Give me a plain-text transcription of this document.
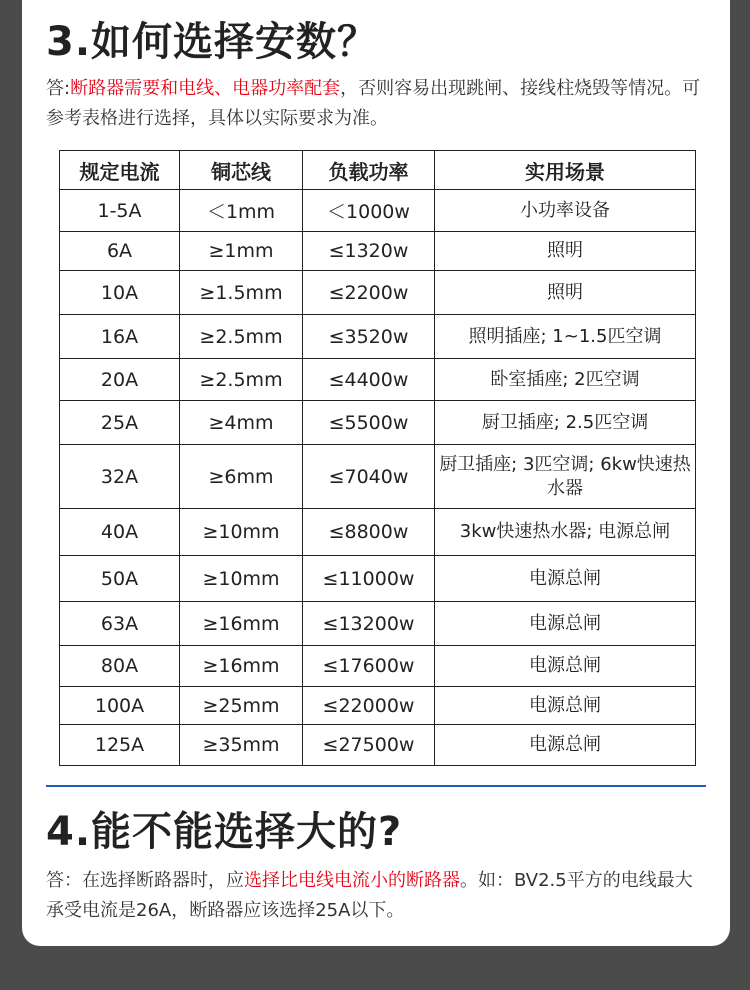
3.如何选择安数？
答:断路器需要和电线、电器功率配套，否则容易出现跳闸、接线柱烧毁等情况。可参考表格进行选择，具体以实际要求为准。
规定电流	铜芯线	负载功率	实用场景
1-5A	＜1mm	＜1000w	小功率设备
6A	≥1mm	≤1320w	照明
10A	≥1.5mm	≤2200w	照明
16A	≥2.5mm	≤3520w	照明插座; 1~1.5匹空调
20A	≥2.5mm	≤4400w	卧室插座; 2匹空调
25A	≥4mm	≤5500w	厨卫插座; 2.5匹空调
32A	≥6mm	≤7040w	厨卫插座; 3匹空调; 6kw快速热水器
40A	≥10mm	≤8800w	3kw快速热水器; 电源总闸
50A	≥10mm	≤11000w	电源总闸
63A	≥16mm	≤13200w	电源总闸
80A	≥16mm	≤17600w	电源总闸
100A	≥25mm	≤22000w	电源总闸
125A	≥35mm	≤27500w	电源总闸
4.能不能选择大的?
答：在选择断路器时，应选择比电线电流小的断路器。如：BV2.5平方的电线最大承受电流是26A，断路器应该选择25A以下。
